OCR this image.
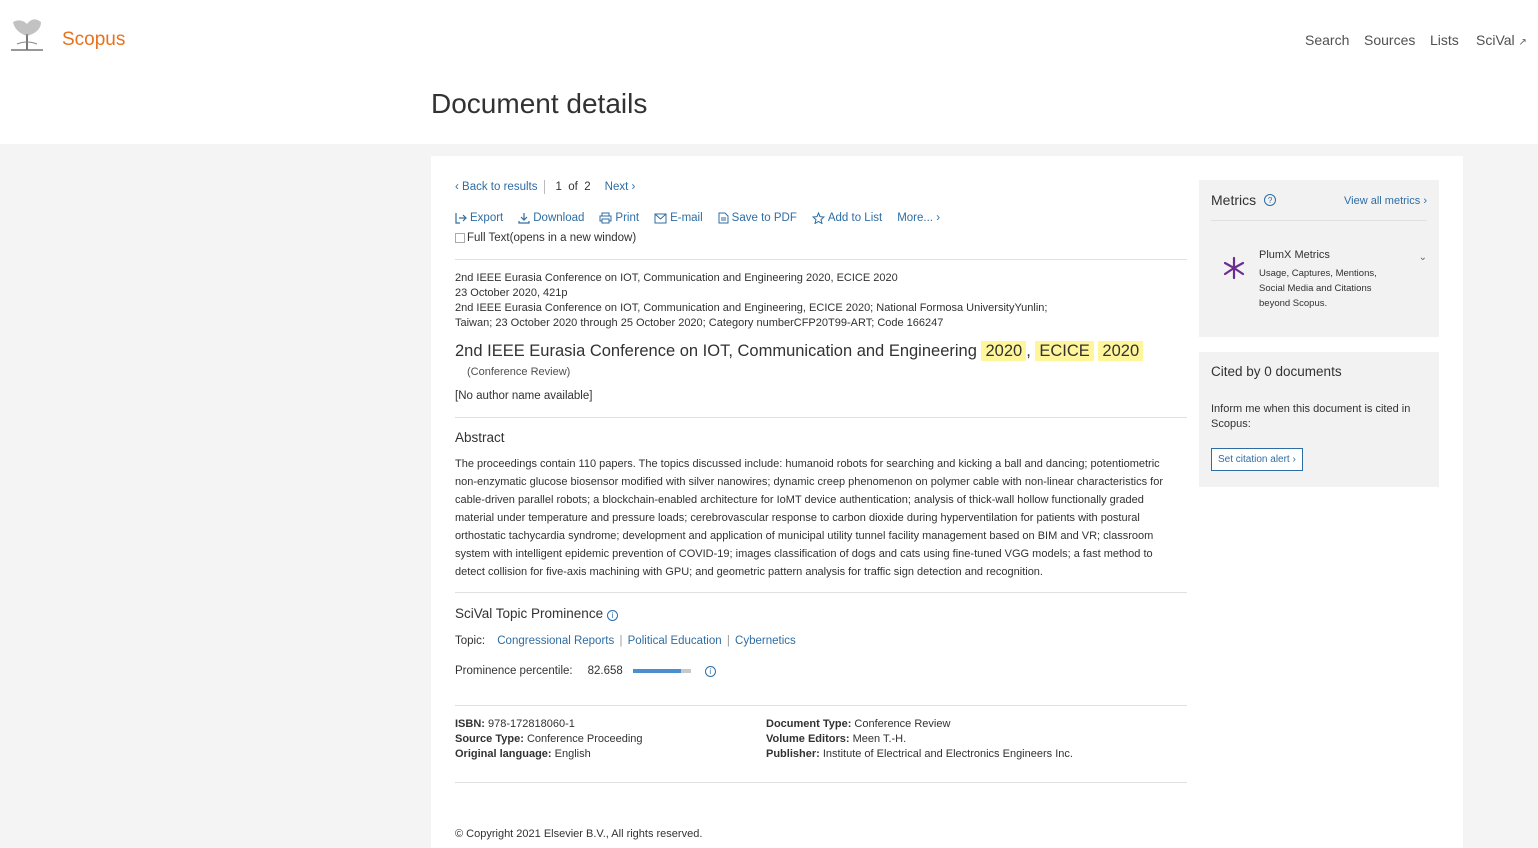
Scopus	Search Sources Lists SciVal ↗
Document details
‹ Back to results 1 of 2 Next ›
Export	Download	Print	E-mail	Save to PDF	Add to List More...
›
Full Text(opens in a new window)
2nd IEEE Eurasia Conference on IOT, Communication and Engineering 2020, ECICE 2020
23 October 2020, 421p
2nd IEEE Eurasia Conference on IOT, Communication and Engineering, ECICE 2020; National Formosa UniversityYunlin;
Taiwan; 23 October 2020 through 25 October 2020; Category numberCFP20T99-ART; Code 166247
2nd IEEE Eurasia Conference on IOT, Communication and Engineering 2020 , ECICE 2020
(Conference Review)
[No author name available]
Abstract
The proceedings contain 110 papers. The topics discussed include: humanoid robots for searching and kicking a ball and dancing; potentiometric non-enzymatic glucose biosensor modified with silver nanowires; dynamic creep phenomenon on polymer cable with non-linear characteristics for cable-driven parallel robots; a blockchain-enabled architecture for IoMT device authentication; analysis of thick-wall hollow functionally graded material under temperature and pressure loads; cerebrovascular response to carbon dioxide during hyperventilation for patients with postural orthostatic tachycardia syndrome; development and application of municipal utility tunnel facility management based on BIM and VR; classroom system with intelligent epidemic prevention of COVID-19; images classification of dogs and cats using fine-tuned VGG models; a fast method to detect collision for five-axis machining with GPU; and geometric pattern analysis for traffic sign detection and recognition.
SciVal Topic Prominence i
Topic: Congressional Reports | Political Education | Cybernetics
Prominence percentile: 82.658	i
ISBN: 978-172818060-1
Source Type: Conference Proceeding
Original language: English
Document Type: Conference Review
Volume Editors: Meen T.-H.
Publisher: Institute of Electrical and Electronics Engineers Inc.
© Copyright 2021 Elsevier B.V., All rights reserved.
Metrics	?	View all metrics ›
PlumX Metrics
Usage, Captures, Mentions, Social Media and Citations beyond Scopus.
⌄
Cited by 0 documents
Inform me when this document is cited in Scopus:
Set citation alert
›
